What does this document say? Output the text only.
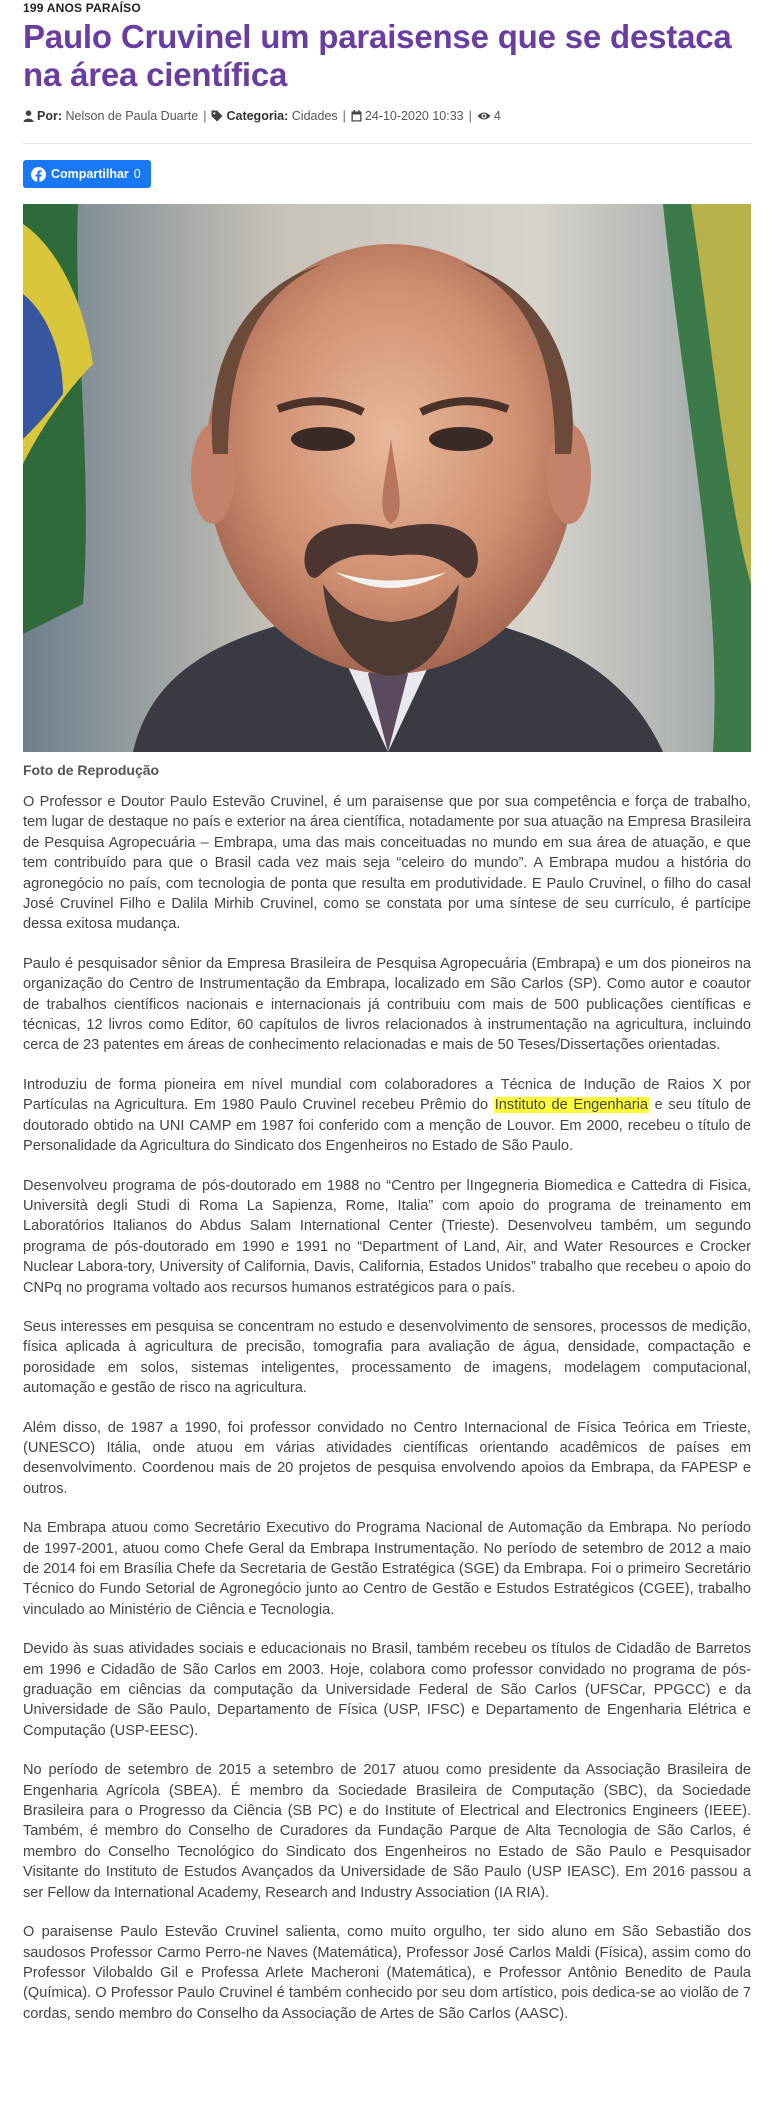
199 ANOS PARAÍSO
Paulo Cruvinel um paraisense que se destaca na área científica
Por:
Nelson de Paula Duarte | Categoria:
Cidades | 24-10-2020 10:33 | 4
Compartilhar 0
Foto de Reprodução

O Professor e Doutor Paulo Estevão Cruvinel, é um paraisense que por sua competência e força de trabalho, tem lugar de destaque no país e exterior na área científica, notadamente por sua atuação na Empresa Brasileira de Pesquisa Agropecuária – Embrapa, uma das mais conceituadas no mundo em sua área de atuação, e que tem contribuído para que o Brasil cada vez mais seja “celeiro do mundo”. A Embrapa mudou a história do agronegócio no país, com tecnologia de ponta que resulta em produtividade. E Paulo Cruvinel, o filho do casal José Cruvinel Filho e Dalila Mirhib Cruvinel, como se constata por uma síntese de seu currículo, é partícipe dessa exitosa mudança.

Paulo é pesquisador sênior da Empresa Brasileira de Pesquisa Agropecuária (Embrapa) e um dos pioneiros na organização do Centro de Instrumentação da Embrapa, localizado em São Carlos (SP). Como autor e coautor de trabalhos científicos nacionais e internacionais já contribuiu com mais de 500 publicações científicas e técnicas, 12 livros como Editor, 60 capítulos de livros relacionados à instrumentação na agricultura, incluindo cerca de 23 patentes em áreas de conhecimento relacionadas e mais de 50 Teses/Dissertações orientadas.

Introduziu de forma pioneira em nível mundial com colaboradores a Técnica de Indução de Raios X por Partículas na Agricultura. Em 1980 Paulo Cruvinel recebeu Prêmio do Instituto de Engenharia e seu título de doutorado obtido na UNI CAMP em 1987 foi conferido com a menção de Louvor. Em 2000, recebeu o título de Personalidade da Agricultura do Sindicato dos Engenheiros no Estado de São Paulo.

Desenvolveu programa de pós-doutorado em 1988 no “Centro per lIngegneria Biomedica e Cattedra di Fisica, Università degli Studi di Roma La Sapienza, Rome, Italia” com apoio do programa de treinamento em Laboratórios Italianos do Abdus Salam International Center (Trieste). Desenvolveu também, um segundo programa de pós-doutorado em 1990 e 1991 no “Department of Land, Air, and Water Resources e Crocker Nuclear Labora-tory, University of California, Davis, California, Estados Unidos” trabalho que recebeu o apoio do CNPq no programa voltado aos recursos humanos estratégicos para o país.

Seus interesses em pesquisa se concentram no estudo e desenvolvimento de sensores, processos de medição, física aplicada à agricultura de precisão, tomografia para avaliação de água, densidade, compactação e porosidade em solos, sistemas inteligentes, processamento de imagens, modelagem computacional, automação e gestão de risco na agricultura.

Além disso, de 1987 a 1990, foi professor convidado no Centro Internacional de Física Teórica em Trieste, (UNESCO) Itália, onde atuou em várias atividades científicas orientando acadêmicos de países em desenvolvimento. Coordenou mais de 20 projetos de pesquisa envolvendo apoios da Embrapa, da FAPESP e outros.

Na Embrapa atuou como Secretário Executivo do Programa Nacional de Automação da Embrapa. No período de 1997-2001, atuou como Chefe Geral da Embrapa Instrumentação. No período de setembro de 2012 a maio de 2014 foi em Brasília Chefe da Secretaria de Gestão Estratégica (SGE) da Embrapa. Foi o primeiro Secretário Técnico do Fundo Setorial de Agronegócio junto ao Centro de Gestão e Estudos Estratégicos (CGEE), trabalho vinculado ao Ministério de Ciência e Tecnologia.

Devido às suas atividades sociais e educacionais no Brasil, também recebeu os títulos de Cidadão de Barretos em 1996 e Cidadão de São Carlos em 2003. Hoje, colabora como professor convidado no programa de pós-graduação em ciências da computação da Universidade Federal de São Carlos (UFSCar, PPGCC) e da Universidade de São Paulo, Departamento de Física (USP, IFSC) e Departamento de Engenharia Elétrica e Computação (USP-EESC).

No período de setembro de 2015 a setembro de 2017 atuou como presidente da Associação Brasileira de Engenharia Agrícola (SBEA). É membro da Sociedade Brasileira de Computação (SBC), da Sociedade Brasileira para o Progresso da Ciência (SB PC) e do Institute of Electrical and Electronics Engineers (IEEE). Também, é membro do Conselho de Curadores da Fundação Parque de Alta Tecnologia de São Carlos, é membro do Conselho Tecnológico do Sindicato dos Engenheiros no Estado de São Paulo e Pesquisador Visitante do Instituto de Estudos Avançados da Universidade de São Paulo (USP IEASC). Em 2016 passou a ser Fellow da International Academy, Research and Industry Association (IA RIA).

O paraisense Paulo Estevão Cruvinel salienta, como muito orgulho, ter sido aluno em São Sebastião dos saudosos Professor Carmo Perro-ne Naves (Matemática), Professor José Carlos Maldi (Física), assim como do Professor Vilobaldo Gil e Professa Arlete Macheroni (Matemática), e Professor Antônio Benedito de Paula (Química). O Professor Paulo Cruvinel é também conhecido por seu dom artístico, pois dedica-se ao violão de 7 cordas, sendo membro do Conselho da Associação de Artes de São Carlos (AASC).
